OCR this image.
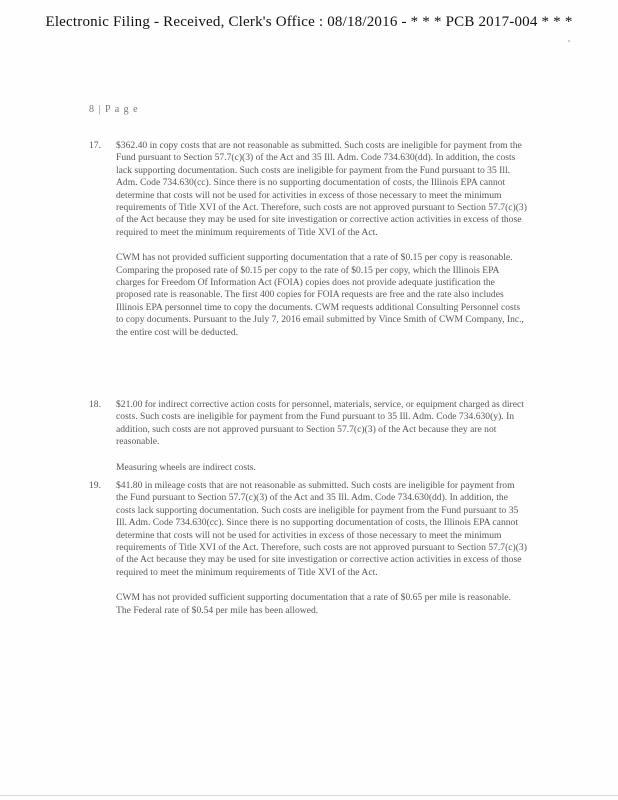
Electronic Filing - Received, Clerk's Office : 08/18/2016 - * * * PCB 2017-004 * * *
8 | P a g e
17.	$362.40 in copy costs that are not reasonable as submitted. Such costs are ineligible for payment from the Fund pursuant to Section 57.7(c)(3) of the Act and 35 Ill. Adm. Code 734.630(dd). In addition, the costs lack supporting documentation. Such costs are ineligible for payment from the Fund pursuant to 35 Ill. Adm. Code 734.630(cc). Since there is no supporting documentation of costs, the Illinois EPA cannot determine that costs will not be used for activities in excess of those necessary to meet the minimum requirements of Title XVI of the Act. Therefore, such costs are not approved pursuant to Section 57.7(c)(3) of the Act because they may be used for site investigation or corrective action activities in excess of those required to meet the minimum requirements of Title XVI of the Act.

CWM has not provided sufficient supporting documentation that a rate of $0.15 per copy is reasonable. Comparing the proposed rate of $0.15 per copy to the rate of $0.15 per copy, which the Illinois EPA charges for Freedom Of Information Act (FOIA) copies does not provide adequate justification the proposed rate is reasonable. The first 400 copies for FOIA requests are free and the rate also includes Illinois EPA personnel time to copy the documents. CWM requests additional Consulting Personnel costs to copy documents. Pursuant to the July 7, 2016 email submitted by Vince Smith of CWM Company, Inc., the entire cost will be deducted.

18.	$21.00 for indirect corrective action costs for personnel, materials, service, or equipment charged as direct costs. Such costs are ineligible for payment from the Fund pursuant to 35 Ill. Adm. Code 734.630(y). In addition, such costs are not approved pursuant to Section 57.7(c)(3) of the Act because they are not reasonable.

Measuring wheels are indirect costs.

19.	$41.80 in mileage costs that are not reasonable as submitted. Such costs are ineligible for payment from the Fund pursuant to Section 57.7(c)(3) of the Act and 35 Ill. Adm. Code 734.630(dd). In addition, the costs lack supporting documentation. Such costs are ineligible for payment from the Fund pursuant to 35 Ill. Adm. Code 734.630(cc). Since there is no supporting documentation of costs, the Illinois EPA cannot determine that costs will not be used for activities in excess of those necessary to meet the minimum requirements of Title XVI of the Act. Therefore, such costs are not approved pursuant to Section 57.7(c)(3) of the Act because they may be used for site investigation or corrective action activities in excess of those required to meet the minimum requirements of Title XVI of the Act.

CWM has not provided sufficient supporting documentation that a rate of $0.65 per mile is reasonable. The Federal rate of $0.54 per mile has been allowed.
